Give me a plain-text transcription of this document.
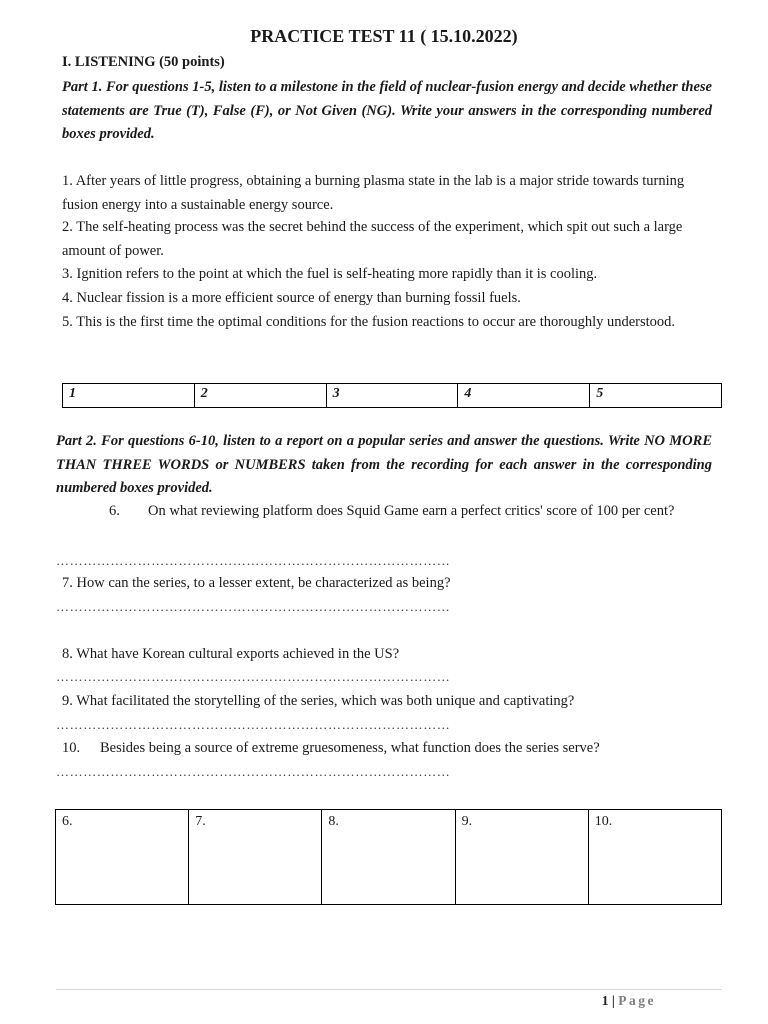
PRACTICE TEST 11 ( 15.10.2022)
I. LISTENING (50 points)
Part 1. For questions 1-5, listen to a milestone in the field of nuclear-fusion energy and decide whether these statements are True (T), False (F), or Not Given (NG). Write your answers in the corresponding numbered boxes provided.
1. After years of little progress, obtaining a burning plasma state in the lab is a major stride towards turning fusion energy into a sustainable energy source.
2. The self-heating process was the secret behind the success of the experiment, which spit out such a large amount of power.
3. Ignition refers to the point at which the fuel is self-heating more rapidly than it is cooling.
4. Nuclear fission is a more efficient source of energy than burning fossil fuels.
5. This is the first time the optimal conditions for the fusion reactions to occur are thoroughly understood.
1	2	3	4	5
Part 2. For questions 6-10, listen to a report on a popular series and answer the questions. Write NO MORE THAN THREE WORDS or NUMBERS taken from the recording for each answer in the corresponding numbered boxes provided.
6.	On what reviewing platform does Squid Game earn a perfect critics' score of 100 per cent?
……………………………………………………………………………
7. How can the series, to a lesser extent, be characterized as being?
……………………………………………………………………………
8. What have Korean cultural exports achieved in the US?
……………………………………………………………………………
9. What facilitated the storytelling of the series, which was both unique and captivating?
……………………………………………………………………………
10. Besides being a source of extreme gruesomeness, what function does the series serve?
……………………………………………………………………………
6.	7.	8.	9.	10.
1 | Page
